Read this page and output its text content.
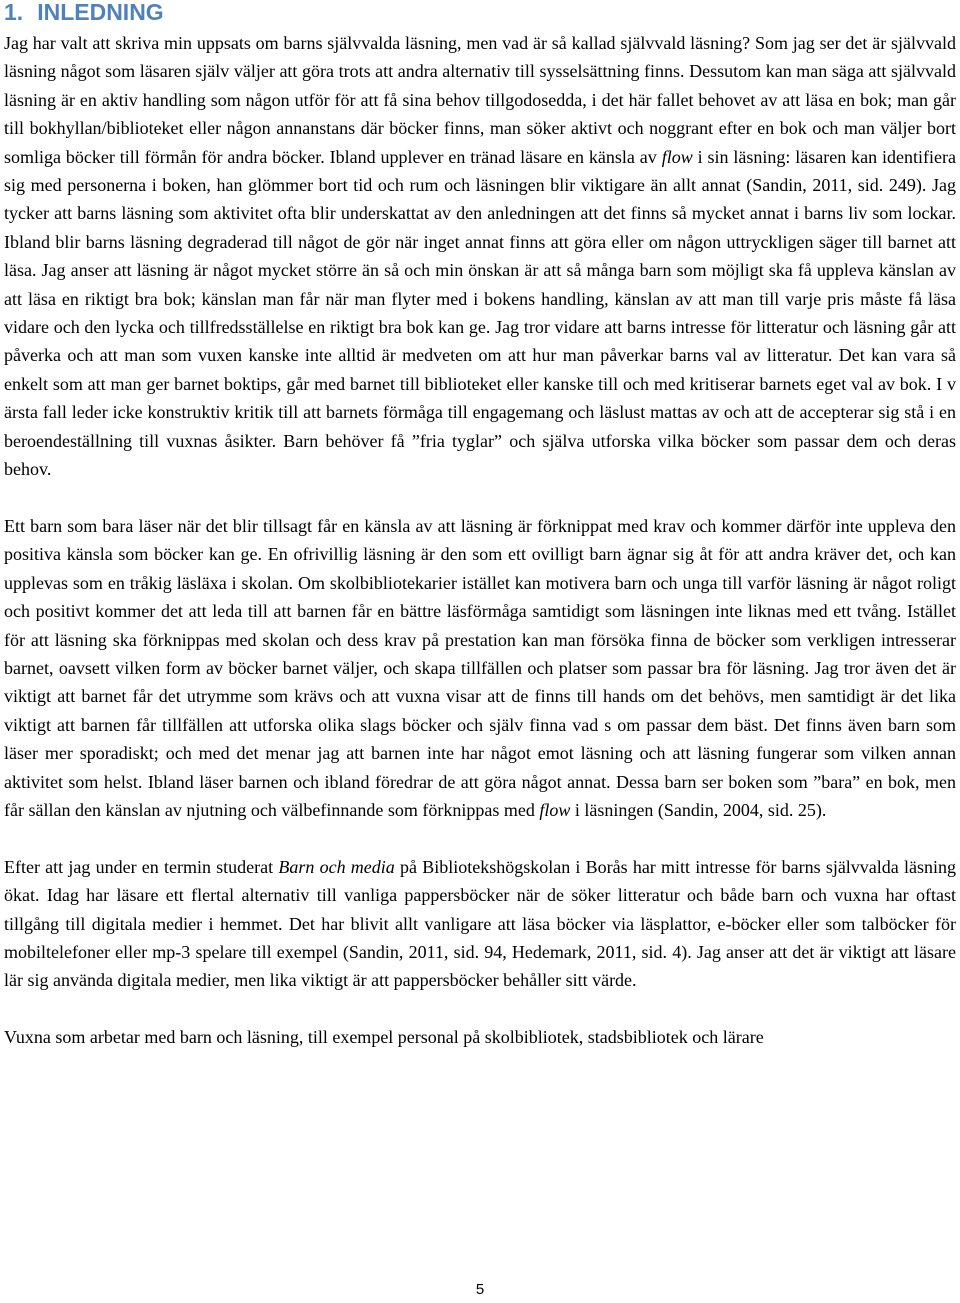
1. INLEDNING

Jag har valt att skriva min uppsats om barns självvalda läsning, men vad är så kallad självvald läsning? Som jag ser det är självvald läsning något som läsaren själv väljer att göra trots att andra alternativ till sysselsättning finns. Dessutom kan man säga att självvald läsning är en aktiv handling som någon utför för att få sina behov tillgodosedda, i det här fallet behovet av att läsa en bok; man går till bokhyllan/biblioteket eller någon annanstans där böcker finns, man söker aktivt och noggrant efter en bok och man väljer bort somliga böcker till förmån för andra böcker. Ibland upplever en tränad läsare en känsla av flow i sin läsning: läsaren kan identifiera sig med personerna i boken, han glömmer bort tid och rum och läsningen blir viktigare än allt annat (Sandin, 2011, sid. 249). Jag tycker att barns läsning som aktivitet ofta blir underskattat av den anledningen att det finns så mycket annat i barns liv som lockar. Ibland blir barns läsning degraderad till något de gör när inget annat finns att göra eller om någon uttryckligen säger till barnet att läsa. Jag anser att läsning är något mycket större än så och min önskan är att så många barn som möjligt ska få uppleva känslan av att läsa en riktigt bra bok; känslan man får när man flyter med i bokens handling, känslan av att man till varje pris måste få läsa vidare och den lycka och tillfredsställelse en riktigt bra bok kan ge. Jag tror vidare att barns intresse för litteratur och läsning går att påverka och att man som vuxen kanske inte alltid är medveten om att hur man påverkar barns val av litteratur. Det kan vara så enkelt som att man ger barnet boktips, går med barnet till biblioteket eller kanske till och med kritiserar barnets eget val av bok. I v ärsta fall leder icke konstruktiv kritik till att barnets förmåga till engagemang och läslust mattas av och att de accepterar sig stå i en beroendeställning till vuxnas åsikter. Barn behöver få ”fria tyglar” och själva utforska vilka böcker som passar dem och deras behov.

Ett barn som bara läser när det blir tillsagt får en känsla av att läsning är förknippat med krav och kommer därför inte uppleva den positiva känsla som böcker kan ge. En ofrivillig läsning är den som ett ovilligt barn ägnar sig åt för att andra kräver det, och kan upplevas som en tråkig läsläxa i skolan. Om skolbibliotekarier istället kan motivera barn och unga till varför läsning är något roligt och positivt kommer det att leda till att barnen får en bättre läsförmåga samtidigt som läsningen inte liknas med ett tvång. Istället för att läsning ska förknippas med skolan och dess krav på prestation kan man försöka finna de böcker som verkligen intresserar barnet, oavsett vilken form av böcker barnet väljer, och skapa tillfällen och platser som passar bra för läsning. Jag tror även det är viktigt att barnet får det utrymme som krävs och att vuxna visar att de finns till hands om det behövs, men samtidigt är det lika viktigt att barnen får tillfällen att utforska olika slags böcker och själv finna vad s om passar dem bäst. Det finns även barn som läser mer sporadiskt; och med det menar jag att barnen inte har något emot läsning och att läsning fungerar som vilken annan aktivitet som helst. Ibland läser barnen och ibland föredrar de att göra något annat. Dessa barn ser boken som ”bara” en bok, men får sällan den känslan av njutning och välbefinnande som förknippas med flow i läsningen (Sandin, 2004, sid. 25).

Efter att jag under en termin studerat Barn och media på Bibliotekshögskolan i Borås har mitt intresse för barns självvalda läsning ökat. Idag har läsare ett flertal alternativ till vanliga pappersböcker när de söker litteratur och både barn och vuxna har oftast tillgång till digitala medier i hemmet. Det har blivit allt vanligare att läsa böcker via läsplattor, e-böcker eller som talböcker för mobiltelefoner eller mp-3 spelare till exempel (Sandin, 2011, sid. 94, Hedemark, 2011, sid. 4). Jag anser att det är viktigt att läsare lär sig använda digitala medier, men lika viktigt är att pappersböcker behåller sitt värde.

Vuxna som arbetar med barn och läsning, till exempel personal på skolbibliotek, stadsbibliotek och lärare

5
